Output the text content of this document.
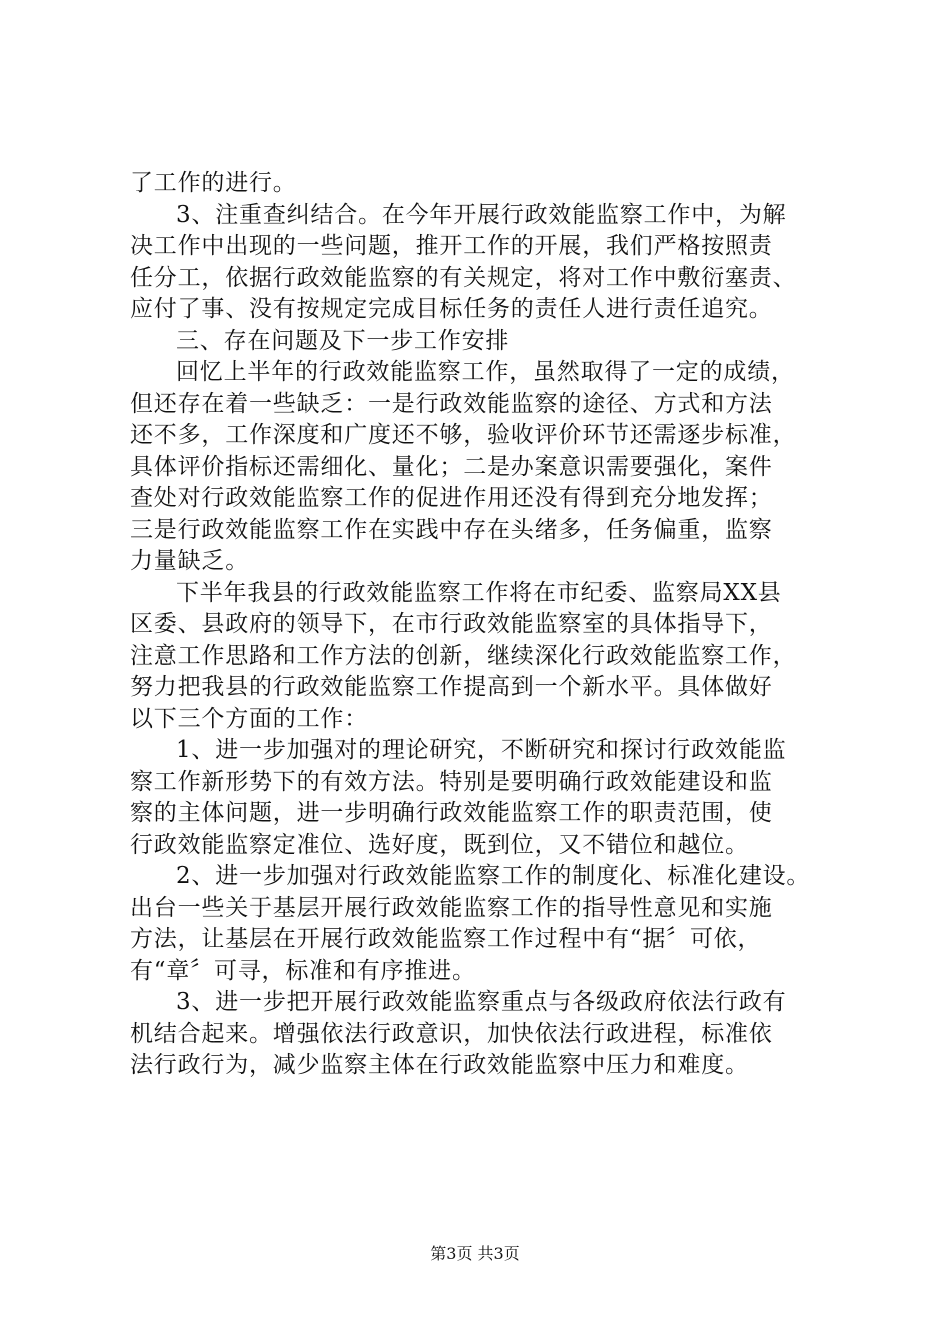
了工作的进行。
3、注重查纠结合。在今年开展行政效能监察工作中，为解
决工作中出现的一些问题，推开工作的开展，我们严格按照责
任分工，依据行政效能监察的有关规定，将对工作中敷衍塞责、
应付了事、没有按规定完成目标任务的责任人进行责任追究。
三、存在问题及下一步工作安排
回忆上半年的行政效能监察工作，虽然取得了一定的成绩，
但还存在着一些缺乏：一是行政效能监察的途径、方式和方法
还不多，工作深度和广度还不够，验收评价环节还需逐步标准，
具体评价指标还需细化、量化；二是办案意识需要强化，案件
查处对行政效能监察工作的促进作用还没有得到充分地发挥；
三是行政效能监察工作在实践中存在头绪多，任务偏重，监察
力量缺乏。
下半年我县的行政效能监察工作将在市纪委、监察局XX县
区委、县政府的领导下，在市行政效能监察室的具体指导下，
注意工作思路和工作方法的创新，继续深化行政效能监察工作，
努力把我县的行政效能监察工作提高到一个新水平。具体做好
以下三个方面的工作：
1、进一步加强对的理论研究，不断研究和探讨行政效能监
察工作新形势下的有效方法。特别是要明确行政效能建设和监
察的主体问题，进一步明确行政效能监察工作的职责范围，使
行政效能监察定准位、选好度，既到位，又不错位和越位。
2、进一步加强对行政效能监察工作的制度化、标准化建设。
出台一些关于基层开展行政效能监察工作的指导性意见和实施
方法，让基层在开展行政效能监察工作过程中有“据〞可依，
有“章〞可寻，标准和有序推进。
3、进一步把开展行政效能监察重点与各级政府依法行政有
机结合起来。增强依法行政意识，加快依法行政进程，标准依
法行政行为，减少监察主体在行政效能监察中压力和难度。
第3页 共3页
